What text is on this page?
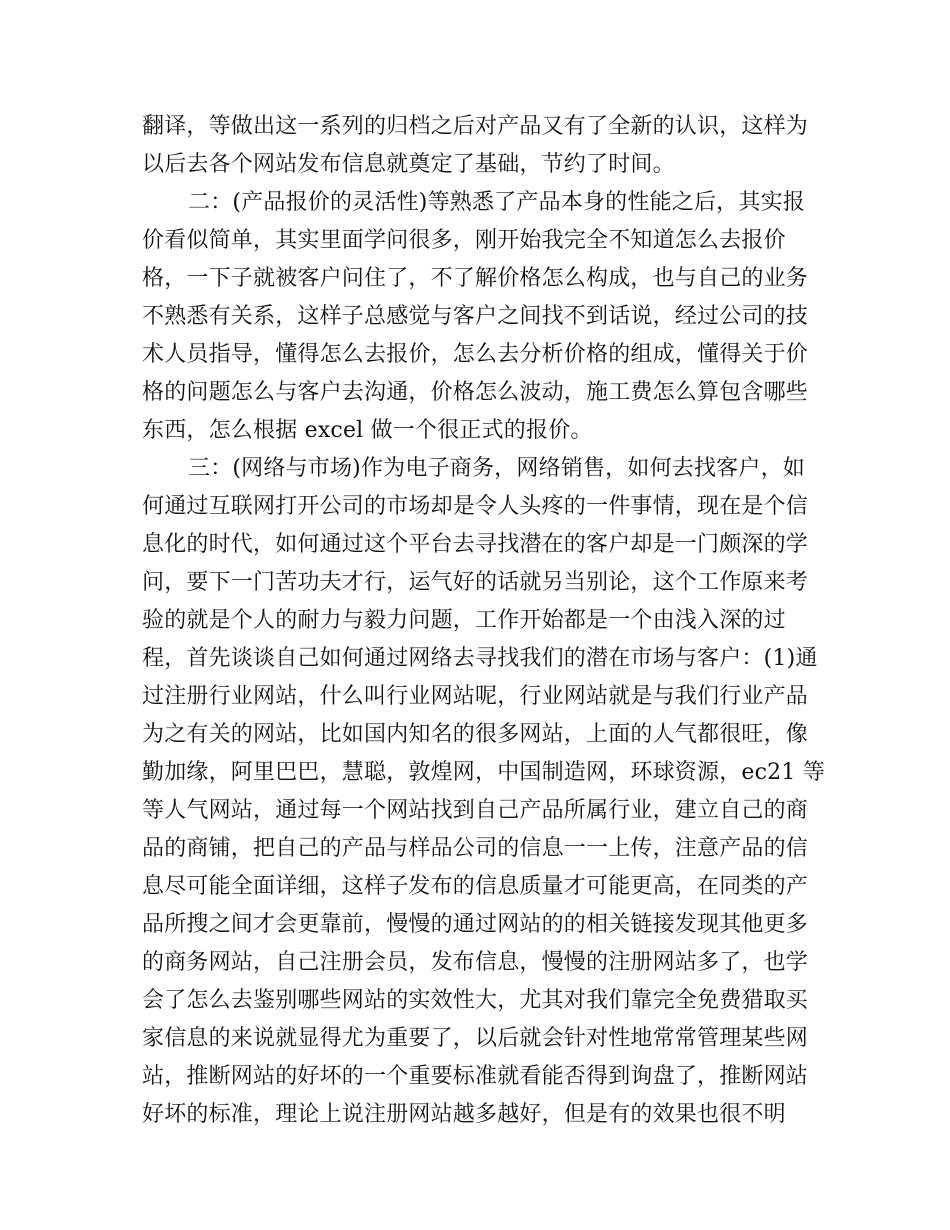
翻译，等做出这一系列的归档之后对产品又有了全新的认识，这样为
以后去各个网站发布信息就奠定了基础，节约了时间。
二：(产品报价的灵活性)等熟悉了产品本身的性能之后，其实报
价看似简单，其实里面学问很多，刚开始我完全不知道怎么去报价
格，一下子就被客户问住了，不了解价格怎么构成，也与自己的业务
不熟悉有关系，这样子总感觉与客户之间找不到话说，经过公司的技
术人员指导，懂得怎么去报价，怎么去分析价格的组成，懂得关于价
格的问题怎么与客户去沟通，价格怎么波动，施工费怎么算包含哪些
东西，怎么根据 excel 做一个很正式的报价。
三：(网络与市场)作为电子商务，网络销售，如何去找客户，如
何通过互联网打开公司的市场却是令人头疼的一件事情，现在是个信
息化的时代，如何通过这个平台去寻找潜在的客户却是一门颇深的学
问，要下一门苦功夫才行，运气好的话就另当别论，这个工作原来考
验的就是个人的耐力与毅力问题，工作开始都是一个由浅入深的过
程，首先谈谈自己如何通过网络去寻找我们的潜在市场与客户：(1)通
过注册行业网站，什么叫行业网站呢，行业网站就是与我们行业产品
为之有关的网站，比如国内知名的很多网站，上面的人气都很旺，像
勤加缘，阿里巴巴，慧聪，敦煌网，中国制造网，环球资源，ec21 等
等人气网站，通过每一个网站找到自己产品所属行业，建立自己的商
品的商铺，把自己的产品与样品公司的信息一一上传，注意产品的信
息尽可能全面详细，这样子发布的信息质量才可能更高，在同类的产
品所搜之间才会更靠前，慢慢的通过网站的的相关链接发现其他更多
的商务网站，自己注册会员，发布信息，慢慢的注册网站多了，也学
会了怎么去鉴别哪些网站的实效性大，尤其对我们靠完全免费猎取买
家信息的来说就显得尤为重要了，以后就会针对性地常常管理某些网
站，推断网站的好坏的一个重要标准就看能否得到询盘了，推断网站
好坏的标准，理论上说注册网站越多越好，但是有的效果也很不明
